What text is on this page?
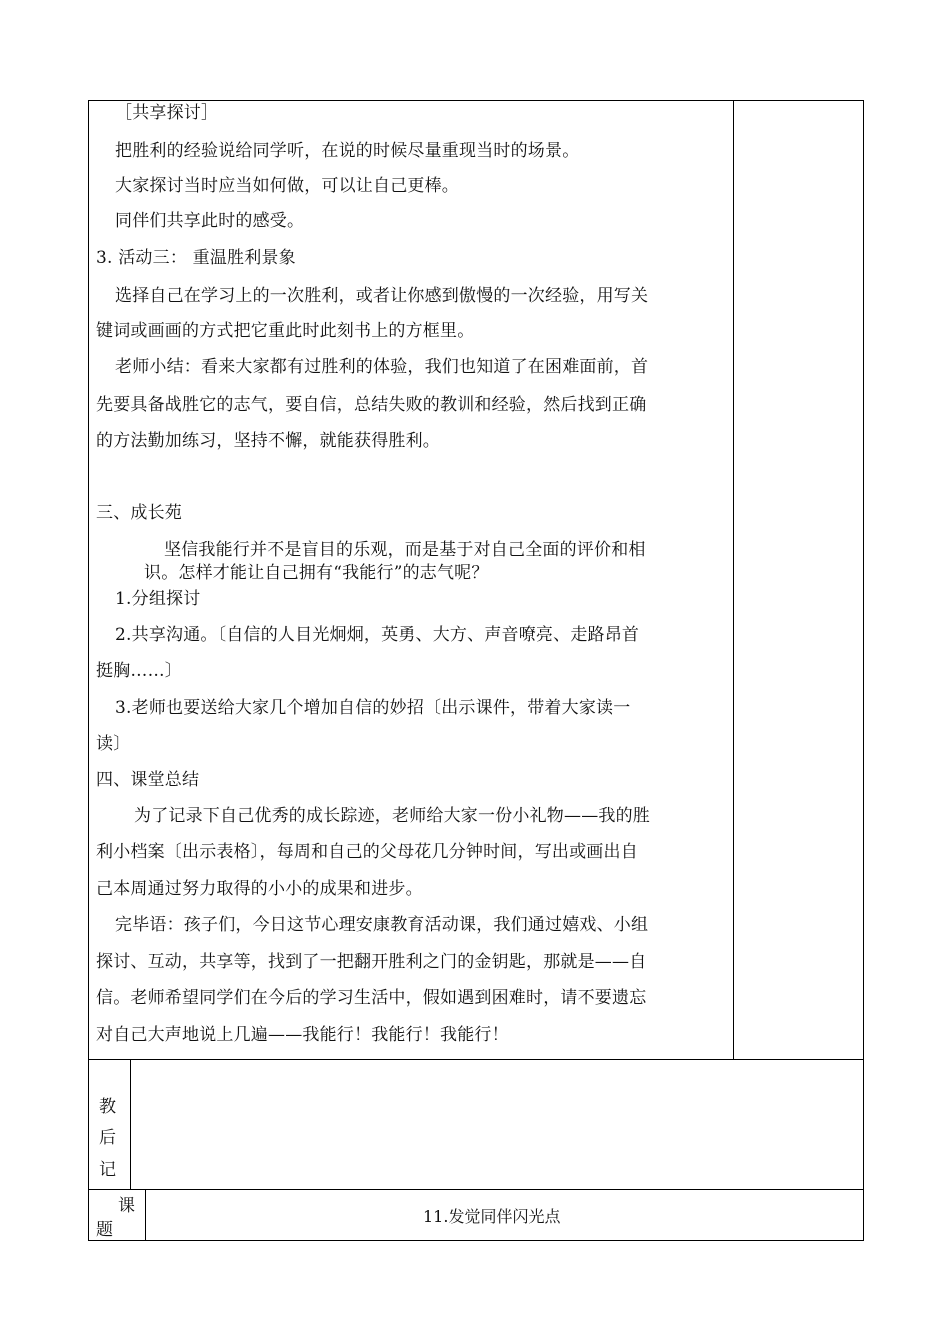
［共享探讨］
把胜利的经验说给同学听，在说的时候尽量重现当时的场景。
大家探讨当时应当如何做，可以让自己更棒。
同伴们共享此时的感受。
3. 活动三： 重温胜利景象
选择自己在学习上的一次胜利，或者让你感到傲慢的一次经验，用写关
键词或画画的方式把它重此时此刻书上的方框里。
老师小结：看来大家都有过胜利的体验，我们也知道了在困难面前，首
先要具备战胜它的志气，要自信，总结失败的教训和经验，然后找到正确
的方法勤加练习，坚持不懈，就能获得胜利。
三、成长苑
坚信我能行并不是盲目的乐观，而是基于对自己全面的评价和相
识。怎样才能让自己拥有“我能行”的志气呢？
1.分组探讨
2.共享沟通。〔自信的人目光炯炯，英勇、大方、声音嘹亮、走路昂首
挺胸……〕
3.老师也要送给大家几个增加自信的妙招〔出示课件，带着大家读一
读〕
四、课堂总结
为了记录下自己优秀的成长踪迹，老师给大家一份小礼物——我的胜
利小档案〔出示表格〕，每周和自己的父母花几分钟时间，写出或画出自
己本周通过努力取得的小小的成果和进步。
完毕语：孩子们，今日这节心理安康教育活动课，我们通过嬉戏、小组
探讨、互动，共享等，找到了一把翻开胜利之门的金钥匙，那就是——自
信。老师希望同学们在今后的学习生活中，假如遇到困难时，请不要遗忘
对自己大声地说上几遍——我能行！我能行！我能行！
教
后
记
课
题
11.发觉同伴闪光点
